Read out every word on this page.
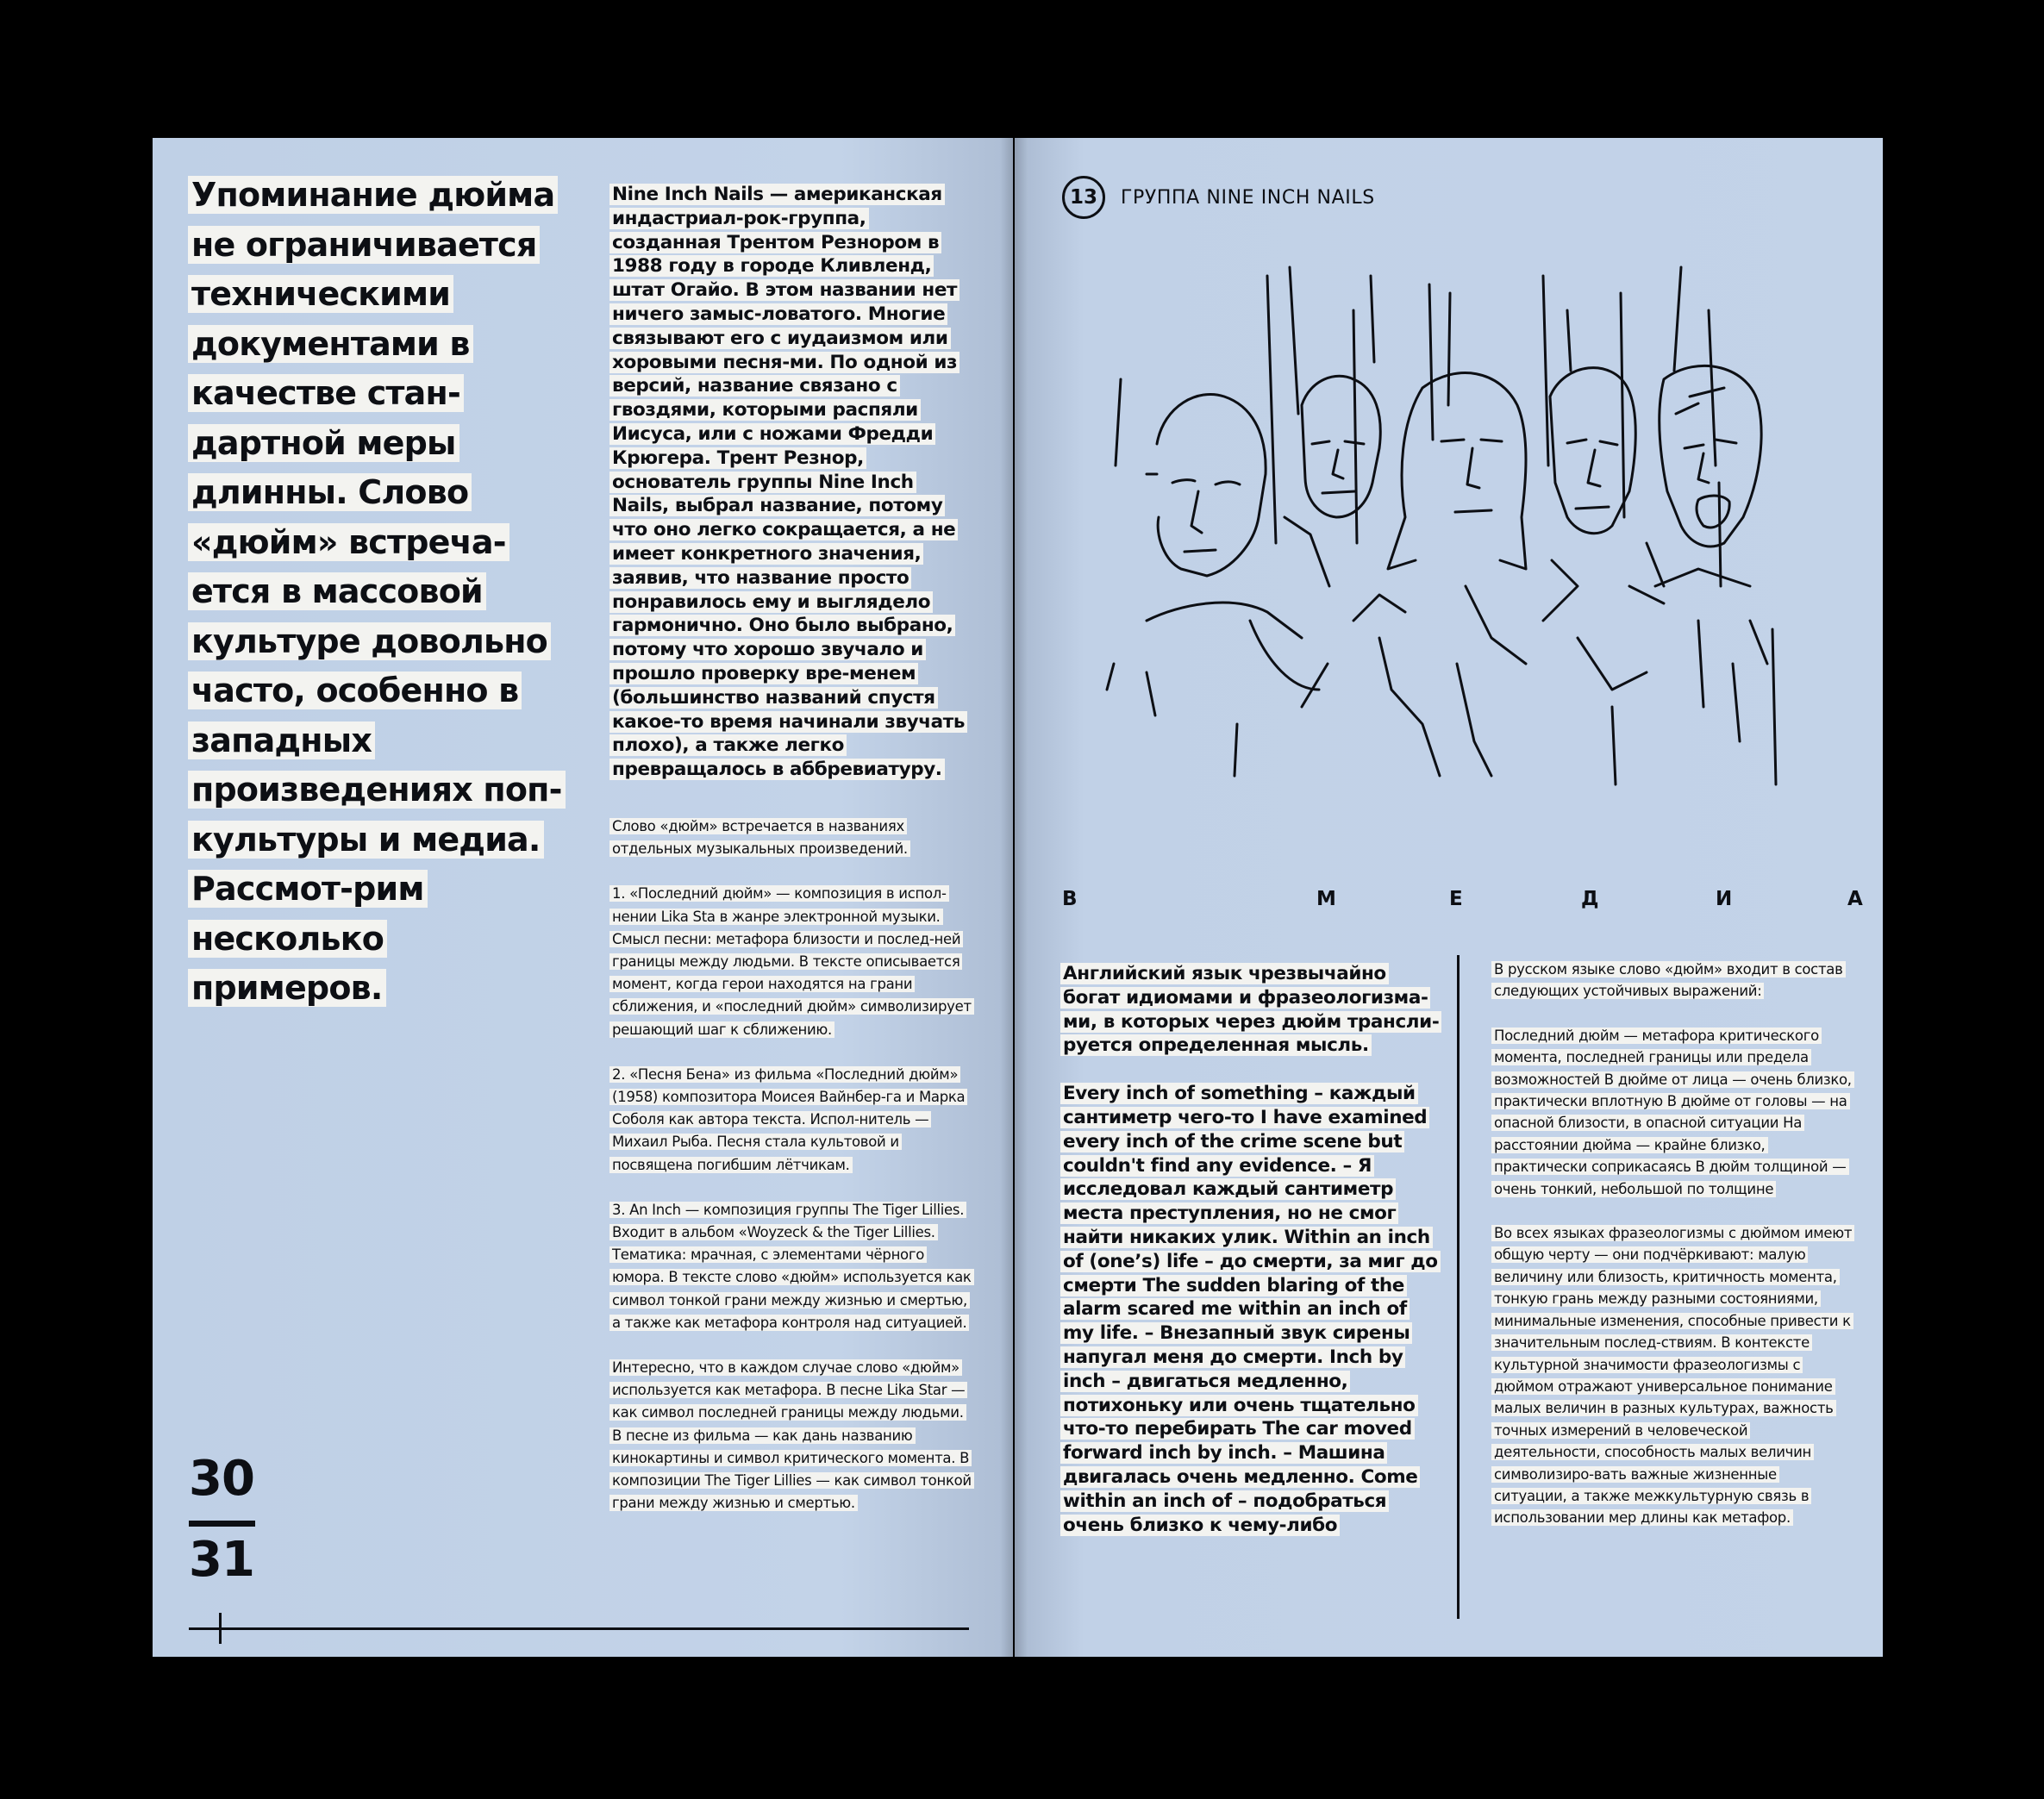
Упоминание дюйма не ограничивается техническими документами в качестве стан-дартной меры длинны. Слово «дюйм» встреча-ется в массовой культуре довольно часто, особенно в западных произведениях поп-культуры и медиа. Рассмот-рим несколько примеров.

Nine Inch Nails — американская индастриал-рок-группа, созданная Трентом Резнором в 1988 году в городе Кливленд, штат Огайо. В этом названии нет ничего замыс-ловатого. Многие связывают его с иудаизмом или хоровыми песня-ми. По одной из версий, название связано с гвоздями, которыми распяли Иисуса, или с ножами Фредди Крюгера. Трент Резнор, основатель группы Nine Inch Nails, выбрал название, потому что оно легко сокращается, а не имеет конкретного значения, заявив, что название просто понравилось ему и выглядело гармонично. Оно было выбрано, потому что хорошо звучало и прошло проверку вре-менем (большинство названий спустя какое-то время начинали звучать плохо), а также легко превращалось в аббревиатуру.

Слово «дюйм» встречается в названиях отдельных музыкальных произведений.

1. «Последний дюйм» — композиция в испол-нении Lika Sta в жанре электронной музыки. Смысл песни: метафора близости и послед-ней границы между людьми. В тексте описывается момент, когда герои находятся на грани сближения, и «последний дюйм» символизирует решающий шаг к сближению.

2. «Песня Бена» из фильма «Последний дюйм» (1958) композитора Моисея Вайнбер-га и Марка Соболя как автора текста. Испол-нитель — Михаил Рыба. Песня стала культовой и посвящена погибшим лётчикам.

3. An Inch — композиция группы The Tiger Lillies. Входит в альбом «Woyzeck & the Tiger Lillies. Тематика: мрачная, с элементами чёрного юмора. В тексте слово «дюйм» используется как символ тонкой грани между жизнью и смертью, а также как метафора контроля над ситуацией.

Интересно, что в каждом случае слово «дюйм» используется как метафора. В песне Lika Star — как символ последней границы между людьми. В песне из фильма — как дань названию кинокартины и символ критического момента. В композиции The Tiger Lillies — как символ тонкой грани между жизнью и смертью.

30
31
13	ГРУППА NINE INCH NAILS
В	М	Е	Д	И	А

Английский язык чрезвычайно богат идиомами и фразеологизма-ми, в которых через дюйм трансли-руется определенная мысль.

Every inch of something – каждый сантиметр чего-то I have examined every inch of the crime scene but couldn't find any evidence. – Я исследовал каждый сантиметр места преступления, но не смог найти никаких улик. Within an inch of (one’s) life – до смерти, за миг до смерти The sudden blaring of the alarm scared me within an inch of my life. – Внезапный звук сирены напугал меня до смерти. Inch by inch – двигаться медленно, потихоньку или очень тщательно что-то перебирать The car moved forward inch by inch. – Машина двигалась очень медленно. Come within an inch of – подобраться очень близко к чему-либо

В русском языке слово «дюйм» входит в состав следующих устойчивых выражений:

Последний дюйм — метафора критического момента, последней границы или предела возможностей В дюйме от лица — очень близко, практически вплотную В дюйме от головы — на опасной близости, в опасной ситуации На расстоянии дюйма — крайне близко, практически соприкасаясь В дюйм толщиной — очень тонкий, небольшой по толщине

Во всех языках фразеологизмы с дюймом имеют общую черту — они подчёркивают: малую величину или близость, критичность момента, тонкую грань между разными состояниями, минимальные изменения, способные привести к значительным послед-ствиям. В контексте культурной значимости фразеологизмы с дюймом отражают универсальное понимание малых величин в разных культурах, важность точных измерений в человеческой деятельности, способность малых величин символизиро-вать важные жизненные ситуации, а также межкультурную связь в использовании мер длины как метафор.
